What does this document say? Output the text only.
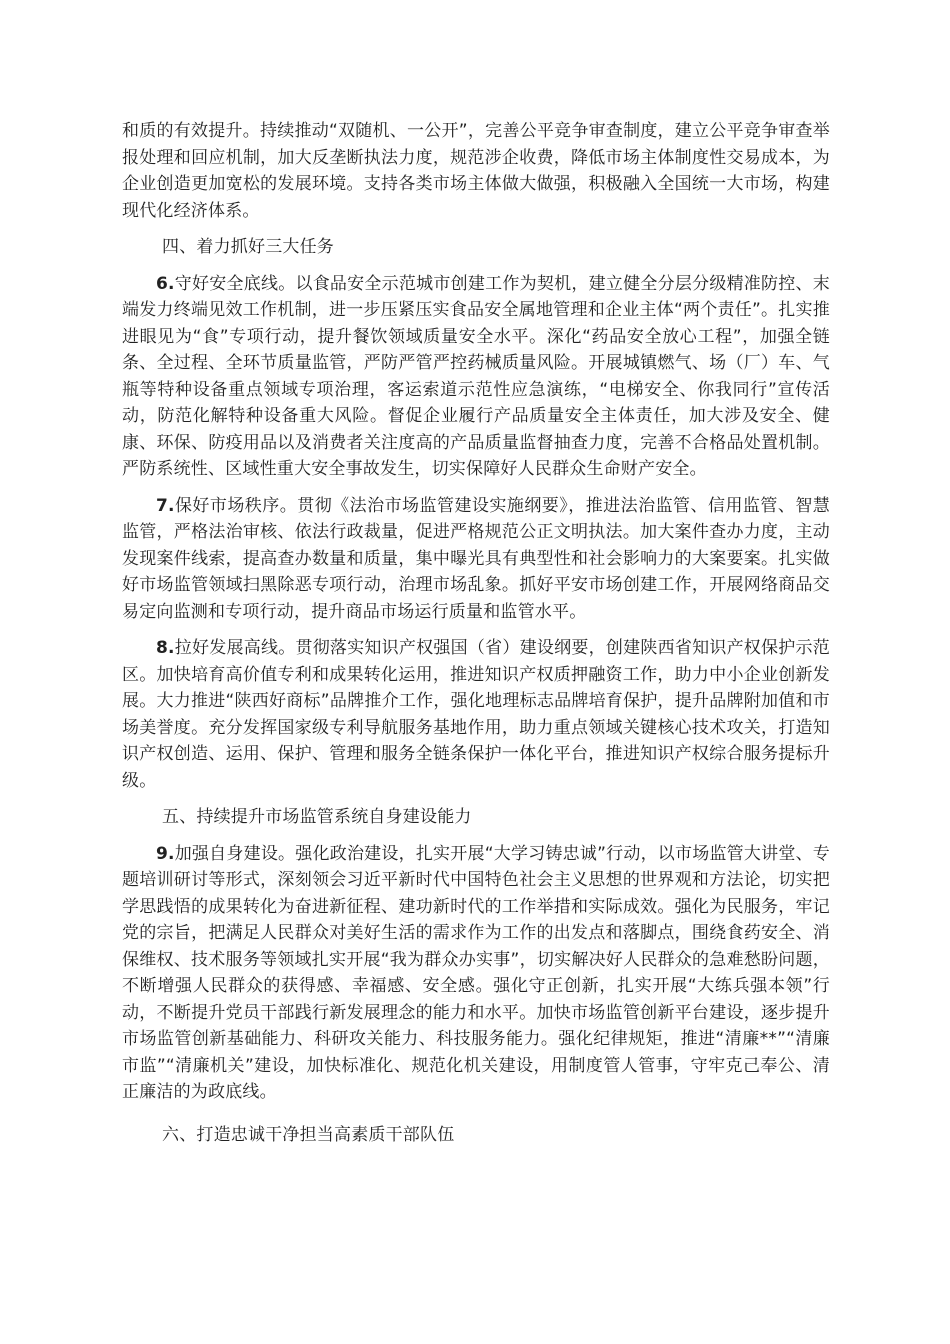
和质的有效提升。持续推动“双随机、一公开”，完善公平竞争审查制度，建立公平竞争审查举报处理和回应机制，加大反垄断执法力度，规范涉企收费，降低市场主体制度性交易成本，为企业创造更加宽松的发展环境。支持各类市场主体做大做强，积极融入全国统一大市场，构建现代化经济体系。

四、着力抓好三大任务

6.守好安全底线。以食品安全示范城市创建工作为契机，建立健全分层分级精准防控、末端发力终端见效工作机制，进一步压紧压实食品安全属地管理和企业主体“两个责任”。扎实推进眼见为“食”专项行动，提升餐饮领域质量安全水平。深化“药品安全放心工程”，加强全链条、全过程、全环节质量监管，严防严管严控药械质量风险。开展城镇燃气、场（厂）车、气瓶等特种设备重点领域专项治理，客运索道示范性应急演练，“电梯安全、你我同行”宣传活动，防范化解特种设备重大风险。督促企业履行产品质量安全主体责任，加大涉及安全、健康、环保、防疫用品以及消费者关注度高的产品质量监督抽查力度，完善不合格品处置机制。严防系统性、区域性重大安全事故发生，切实保障好人民群众生命财产安全。

7.保好市场秩序。贯彻《法治市场监管建设实施纲要》，推进法治监管、信用监管、智慧监管，严格法治审核、依法行政裁量，促进严格规范公正文明执法。加大案件查办力度，主动发现案件线索，提高查办数量和质量，集中曝光具有典型性和社会影响力的大案要案。扎实做好市场监管领域扫黑除恶专项行动，治理市场乱象。抓好平安市场创建工作，开展网络商品交易定向监测和专项行动，提升商品市场运行质量和监管水平。

8.拉好发展高线。贯彻落实知识产权强国（省）建设纲要，创建陕西省知识产权保护示范区。加快培育高价值专利和成果转化运用，推进知识产权质押融资工作，助力中小企业创新发展。大力推进“陕西好商标”品牌推介工作，强化地理标志品牌培育保护，提升品牌附加值和市场美誉度。充分发挥国家级专利导航服务基地作用，助力重点领域关键核心技术攻关，打造知识产权创造、运用、保护、管理和服务全链条保护一体化平台，推进知识产权综合服务提标升级。

五、持续提升市场监管系统自身建设能力

9.加强自身建设。强化政治建设，扎实开展“大学习铸忠诚”行动，以市场监管大讲堂、专题培训研讨等形式，深刻领会习近平新时代中国特色社会主义思想的世界观和方法论，切实把学思践悟的成果转化为奋进新征程、建功新时代的工作举措和实际成效。强化为民服务，牢记党的宗旨，把满足人民群众对美好生活的需求作为工作的出发点和落脚点，围绕食药安全、消保维权、技术服务等领域扎实开展“我为群众办实事”，切实解决好人民群众的急难愁盼问题，不断增强人民群众的获得感、幸福感、安全感。强化守正创新，扎实开展“大练兵强本领”行动，不断提升党员干部践行新发展理念的能力和水平。加快市场监管创新平台建设，逐步提升市场监管创新基础能力、科研攻关能力、科技服务能力。强化纪律规矩，推进“清廉**”“清廉市监”“清廉机关”建设，加快标准化、规范化机关建设，用制度管人管事，守牢克己奉公、清正廉洁的为政底线。

六、打造忠诚干净担当高素质干部队伍
